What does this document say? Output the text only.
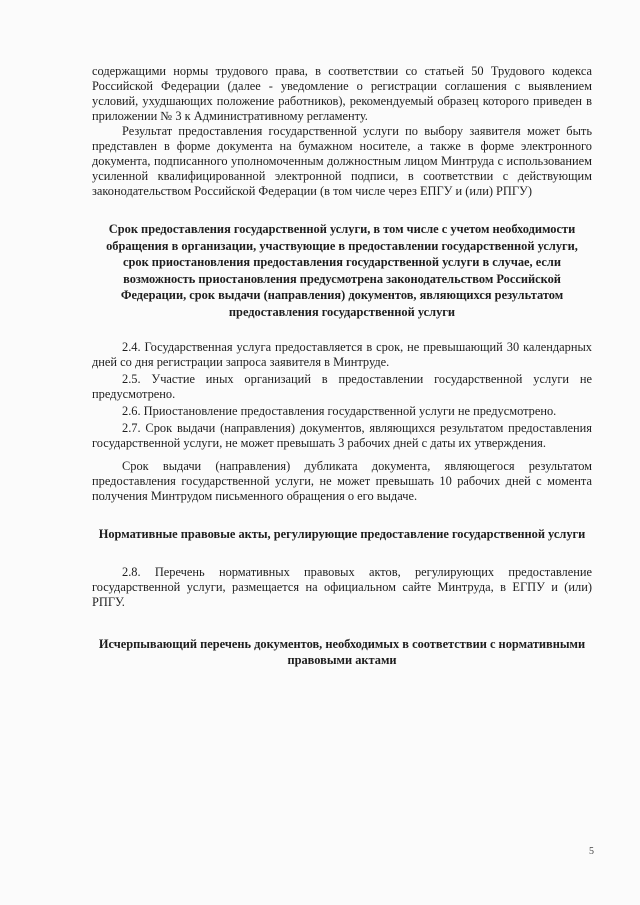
содержащими нормы трудового права, в соответствии со статьей 50 Трудового кодекса Российской Федерации (далее - уведомление о регистрации соглашения с выявлением условий, ухудшающих положение работников), рекомендуемый образец которого приведен в приложении № 3 к Административному регламенту.

Результат предоставления государственной услуги по выбору заявителя может быть представлен в форме документа на бумажном носителе, а также в форме электронного документа, подписанного уполномоченным должностным лицом Минтруда с использованием усиленной квалифицированной электронной подписи, в соответствии с действующим законодательством Российской Федерации (в том числе через ЕПГУ и (или) РПГУ)

Срок предоставления государственной услуги, в том числе с учетом необходимости обращения в организации, участвующие в предоставлении государственной услуги, срок приостановления предоставления государственной услуги в случае, если возможность приостановления предусмотрена законодательством Российской Федерации, срок выдачи (направления) документов, являющихся результатом предоставления государственной услуги

2.4. Государственная услуга предоставляется в срок, не превышающий 30 календарных дней со дня регистрации запроса заявителя в Минтруде.

2.5. Участие иных организаций в предоставлении государственной услуги не предусмотрено.

2.6. Приостановление предоставления государственной услуги не предусмотрено.

2.7. Срок выдачи (направления) документов, являющихся результатом предоставления государственной услуги, не может превышать 3 рабочих дней с даты их утверждения.

Срок выдачи (направления) дубликата документа, являющегося результатом предоставления государственной услуги, не может превышать 10 рабочих дней с момента получения Минтрудом письменного обращения о его выдаче.

Нормативные правовые акты, регулирующие предоставление государственной услуги

2.8. Перечень нормативных правовых актов, регулирующих предоставление государственной услуги, размещается на официальном сайте Минтруда, в ЕГПУ и (или) РПГУ.

Исчерпывающий перечень документов, необходимых в соответствии с нормативными правовыми актами
5
